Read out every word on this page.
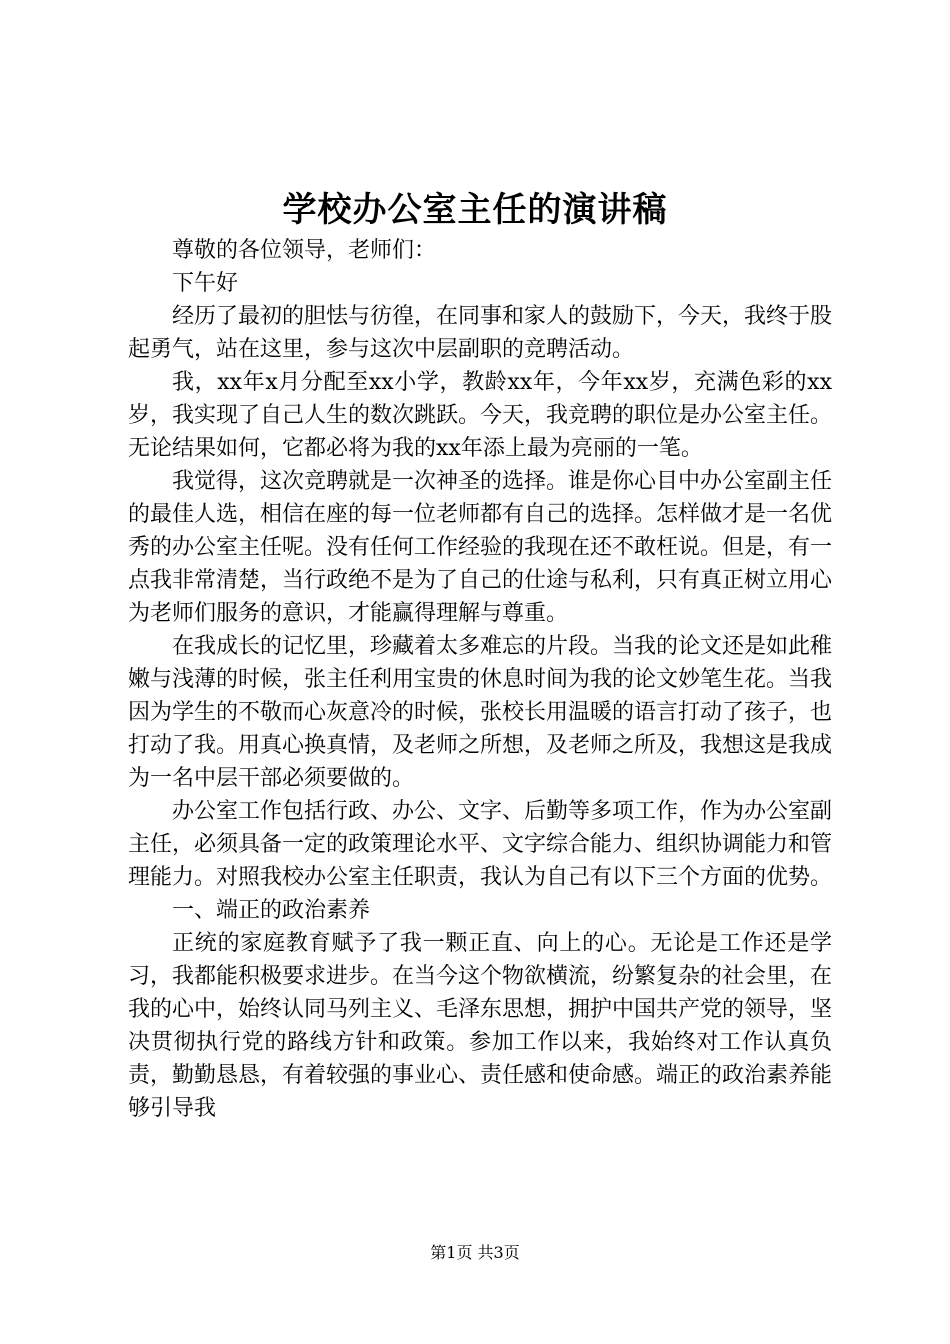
学校办公室主任的演讲稿

尊敬的各位领导，老师们：

下午好

经历了最初的胆怯与彷徨，在同事和家人的鼓励下，今天，我终于股起勇气，站在这里，参与这次中层副职的竞聘活动。

我，xx年x月分配至xx小学，教龄xx年，今年xx岁，充满色彩的xx岁，我实现了自己人生的数次跳跃。今天，我竞聘的职位是办公室主任。无论结果如何，它都必将为我的xx年添上最为亮丽的一笔。

我觉得，这次竞聘就是一次神圣的选择。谁是你心目中办公室副主任的最佳人选，相信在座的每一位老师都有自己的选择。怎样做才是一名优秀的办公室主任呢。没有任何工作经验的我现在还不敢枉说。但是，有一点我非常清楚，当行政绝不是为了自己的仕途与私利，只有真正树立用心为老师们服务的意识，才能赢得理解与尊重。

在我成长的记忆里，珍藏着太多难忘的片段。当我的论文还是如此稚嫩与浅薄的时候，张主任利用宝贵的休息时间为我的论文妙笔生花。当我因为学生的不敬而心灰意冷的时候，张校长用温暖的语言打动了孩子，也打动了我。用真心换真情，及老师之所想，及老师之所及，我想这是我成为一名中层干部必须要做的。

办公室工作包括行政、办公、文字、后勤等多项工作，作为办公室副主任，必须具备一定的政策理论水平、文字综合能力、组织协调能力和管理能力。对照我校办公室主任职责，我认为自己有以下三个方面的优势。

一、端正的政治素养

正统的家庭教育赋予了我一颗正直、向上的心。无论是工作还是学习，我都能积极要求进步。在当今这个物欲横流，纷繁复杂的社会里，在我的心中，始终认同马列主义、毛泽东思想，拥护中国共产党的领导，坚决贯彻执行党的路线方针和政策。参加工作以来，我始终对工作认真负责，勤勤恳恳，有着较强的事业心、责任感和使命感。端正的政治素养能够引导我

第1页 共3页
